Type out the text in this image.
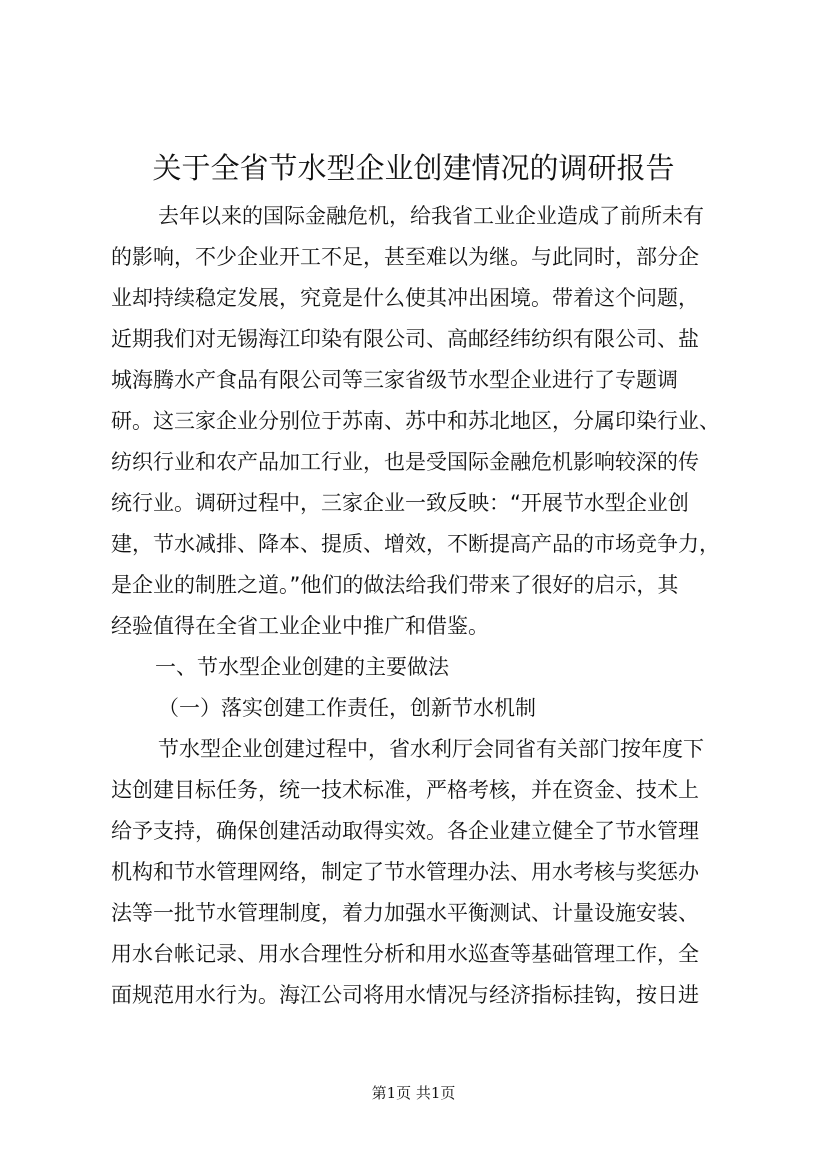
关于全省节水型企业创建情况的调研报告
去年以来的国际金融危机，给我省工业企业造成了前所未有
的影响，不少企业开工不足，甚至难以为继。与此同时，部分企
业却持续稳定发展，究竟是什么使其冲出困境。带着这个问题，
近期我们对无锡海江印染有限公司、高邮经纬纺织有限公司、盐
城海腾水产食品有限公司等三家省级节水型企业进行了专题调
研。这三家企业分别位于苏南、苏中和苏北地区，分属印染行业、
纺织行业和农产品加工行业，也是受国际金融危机影响较深的传
统行业。调研过程中，三家企业一致反映：“开展节水型企业创
建，节水减排、降本、提质、增效，不断提高产品的市场竞争力，
是企业的制胜之道。”他们的做法给我们带来了很好的启示，其
经验值得在全省工业企业中推广和借鉴。
一、节水型企业创建的主要做法
（一）落实创建工作责任，创新节水机制
节水型企业创建过程中，省水利厅会同省有关部门按年度下
达创建目标任务，统一技术标准，严格考核，并在资金、技术上
给予支持，确保创建活动取得实效。各企业建立健全了节水管理
机构和节水管理网络，制定了节水管理办法、用水考核与奖惩办
法等一批节水管理制度，着力加强水平衡测试、计量设施安装、
用水台帐记录、用水合理性分析和用水巡查等基础管理工作，全
面规范用水行为。海江公司将用水情况与经济指标挂钩，按日进
第1页 共1页
